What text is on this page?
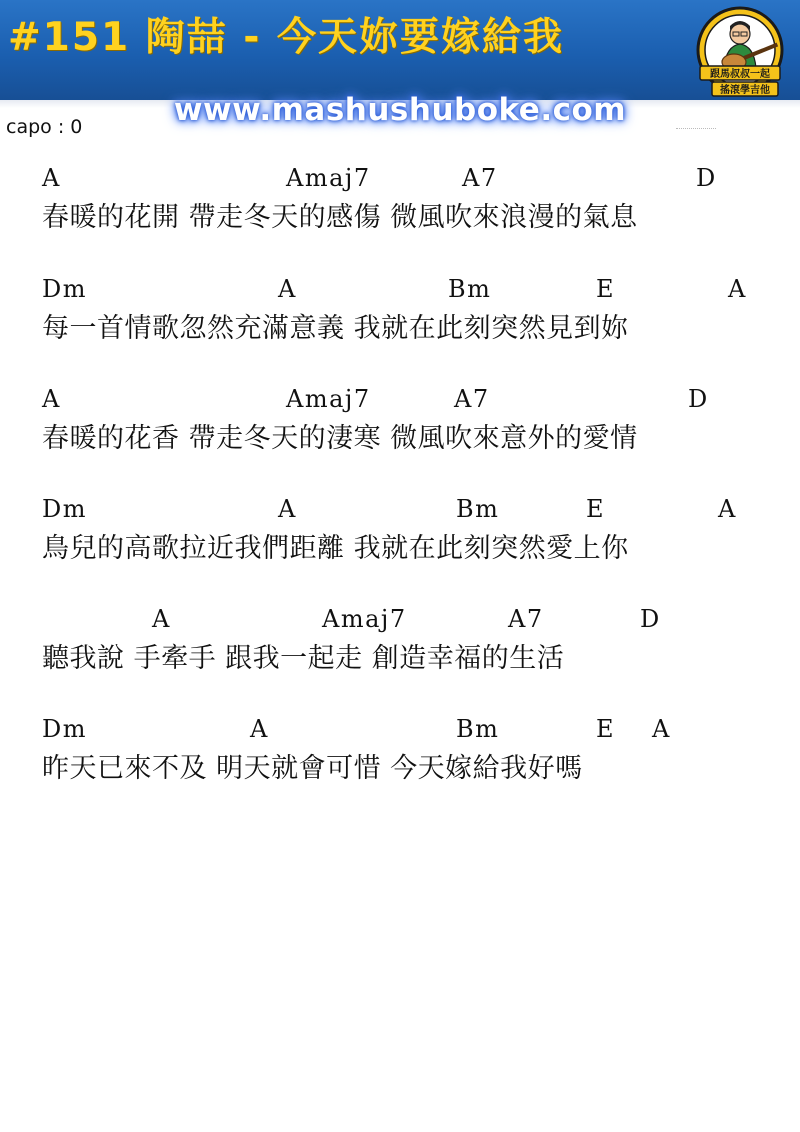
#151 陶喆 - 今天妳要嫁給我
跟馬叔叔一起
搖滾學吉他
www.mashushuboke.com
capo : 0
A	Amaj7	A7	D
春暖的花開 帶走冬天的感傷 微風吹來浪漫的氣息
Dm	A	Bm	E	A
每一首情歌忽然充滿意義 我就在此刻突然見到妳
A	Amaj7	A7	D
春暖的花香 帶走冬天的淒寒 微風吹來意外的愛情
Dm	A	Bm	E	A
鳥兒的高歌拉近我們距離 我就在此刻突然愛上你
A	Amaj7	A7	D
聽我說 手牽手 跟我一起走 創造幸福的生活
Dm	A	Bm	E A
昨天已來不及 明天就會可惜 今天嫁給我好嗎
